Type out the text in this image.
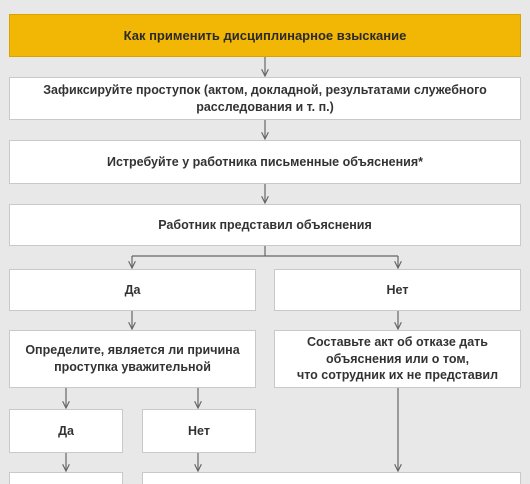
Как применить дисциплинарное взыскание
Зафиксируйте проступок (актом, докладной, результатами служебного
расследования и т. п.)
Истребуйте у работника письменные объяснения*
Работник представил объяснения
Да	Нет
Определите, является ли причина
проступка уважительной
Составьте акт об отказе дать
объяснения или о том,
что сотрудник их не представил
Да	Нет
